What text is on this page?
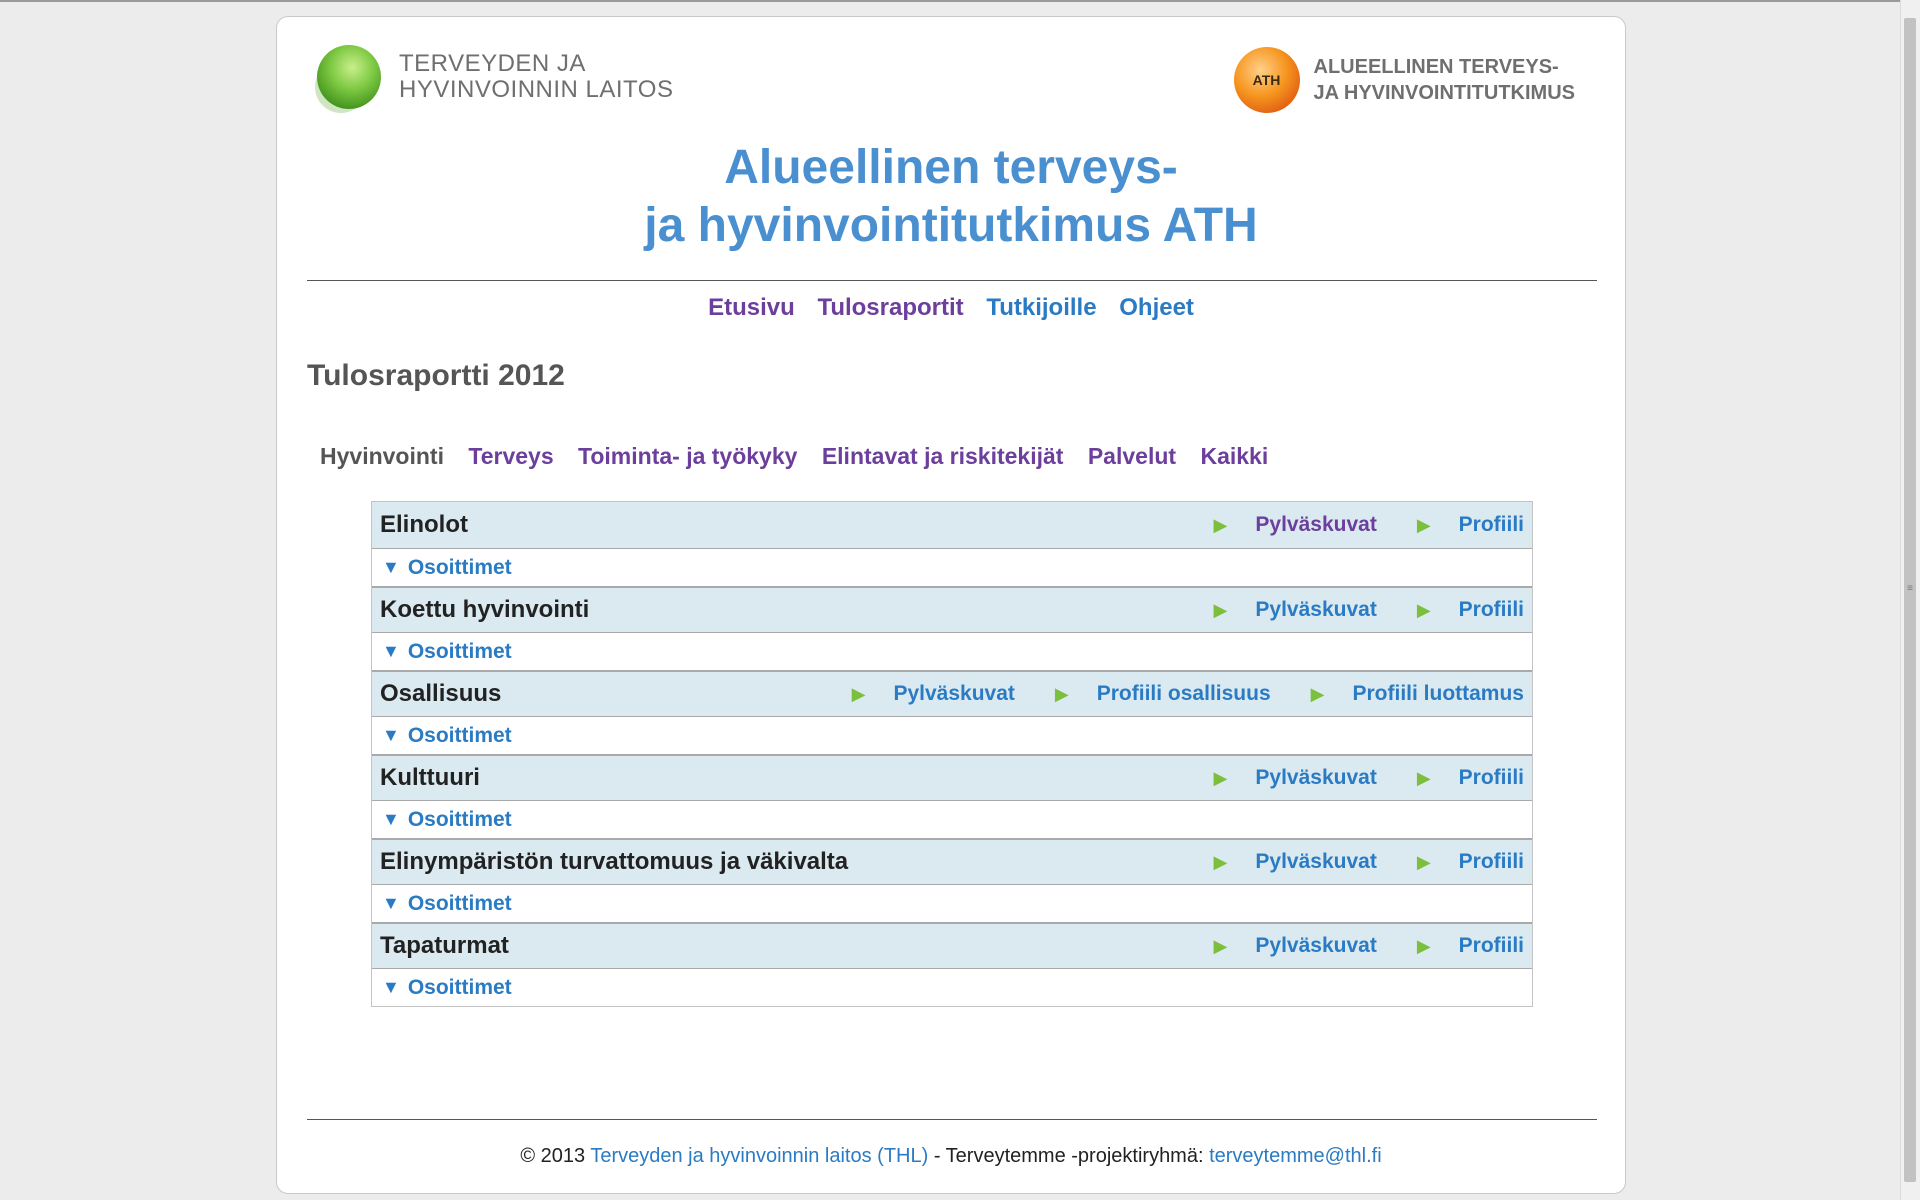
TERVEYDEN JA
HYVINVOINNIN LAITOS	ATH
ALUEELLINEN TERVEYS-
JA HYVINVOINTITUTKIMUS
Alueellinen terveys-
ja hyvinvointitutkimus ATH
Etusivu Tulosraportit Tutkijoille Ohjeet
Tulosraportti 2012
Hyvinvointi Terveys Toiminta- ja työkyky Elintavat ja riskitekijät Palvelut Kaikki
Elinolot	▶ Pylväskuvat	▶ Profiili
▼ Osoittimet
Koettu hyvinvointi	▶ Pylväskuvat	▶ Profiili
▼ Osoittimet
Osallisuus	▶ Pylväskuvat	▶ Profiili osallisuus	▶ Profiili luottamus
▼ Osoittimet
Kulttuuri	▶ Pylväskuvat	▶ Profiili
▼ Osoittimet
Elinympäristön turvattomuus ja väkivalta	▶ Pylväskuvat	▶ Profiili
▼ Osoittimet
Tapaturmat	▶ Pylväskuvat	▶ Profiili
▼ Osoittimet
© 2013 Terveyden ja hyvinvoinnin laitos (THL) - Terveytemme -projektiryhmä: terveytemme@thl.fi
≡
